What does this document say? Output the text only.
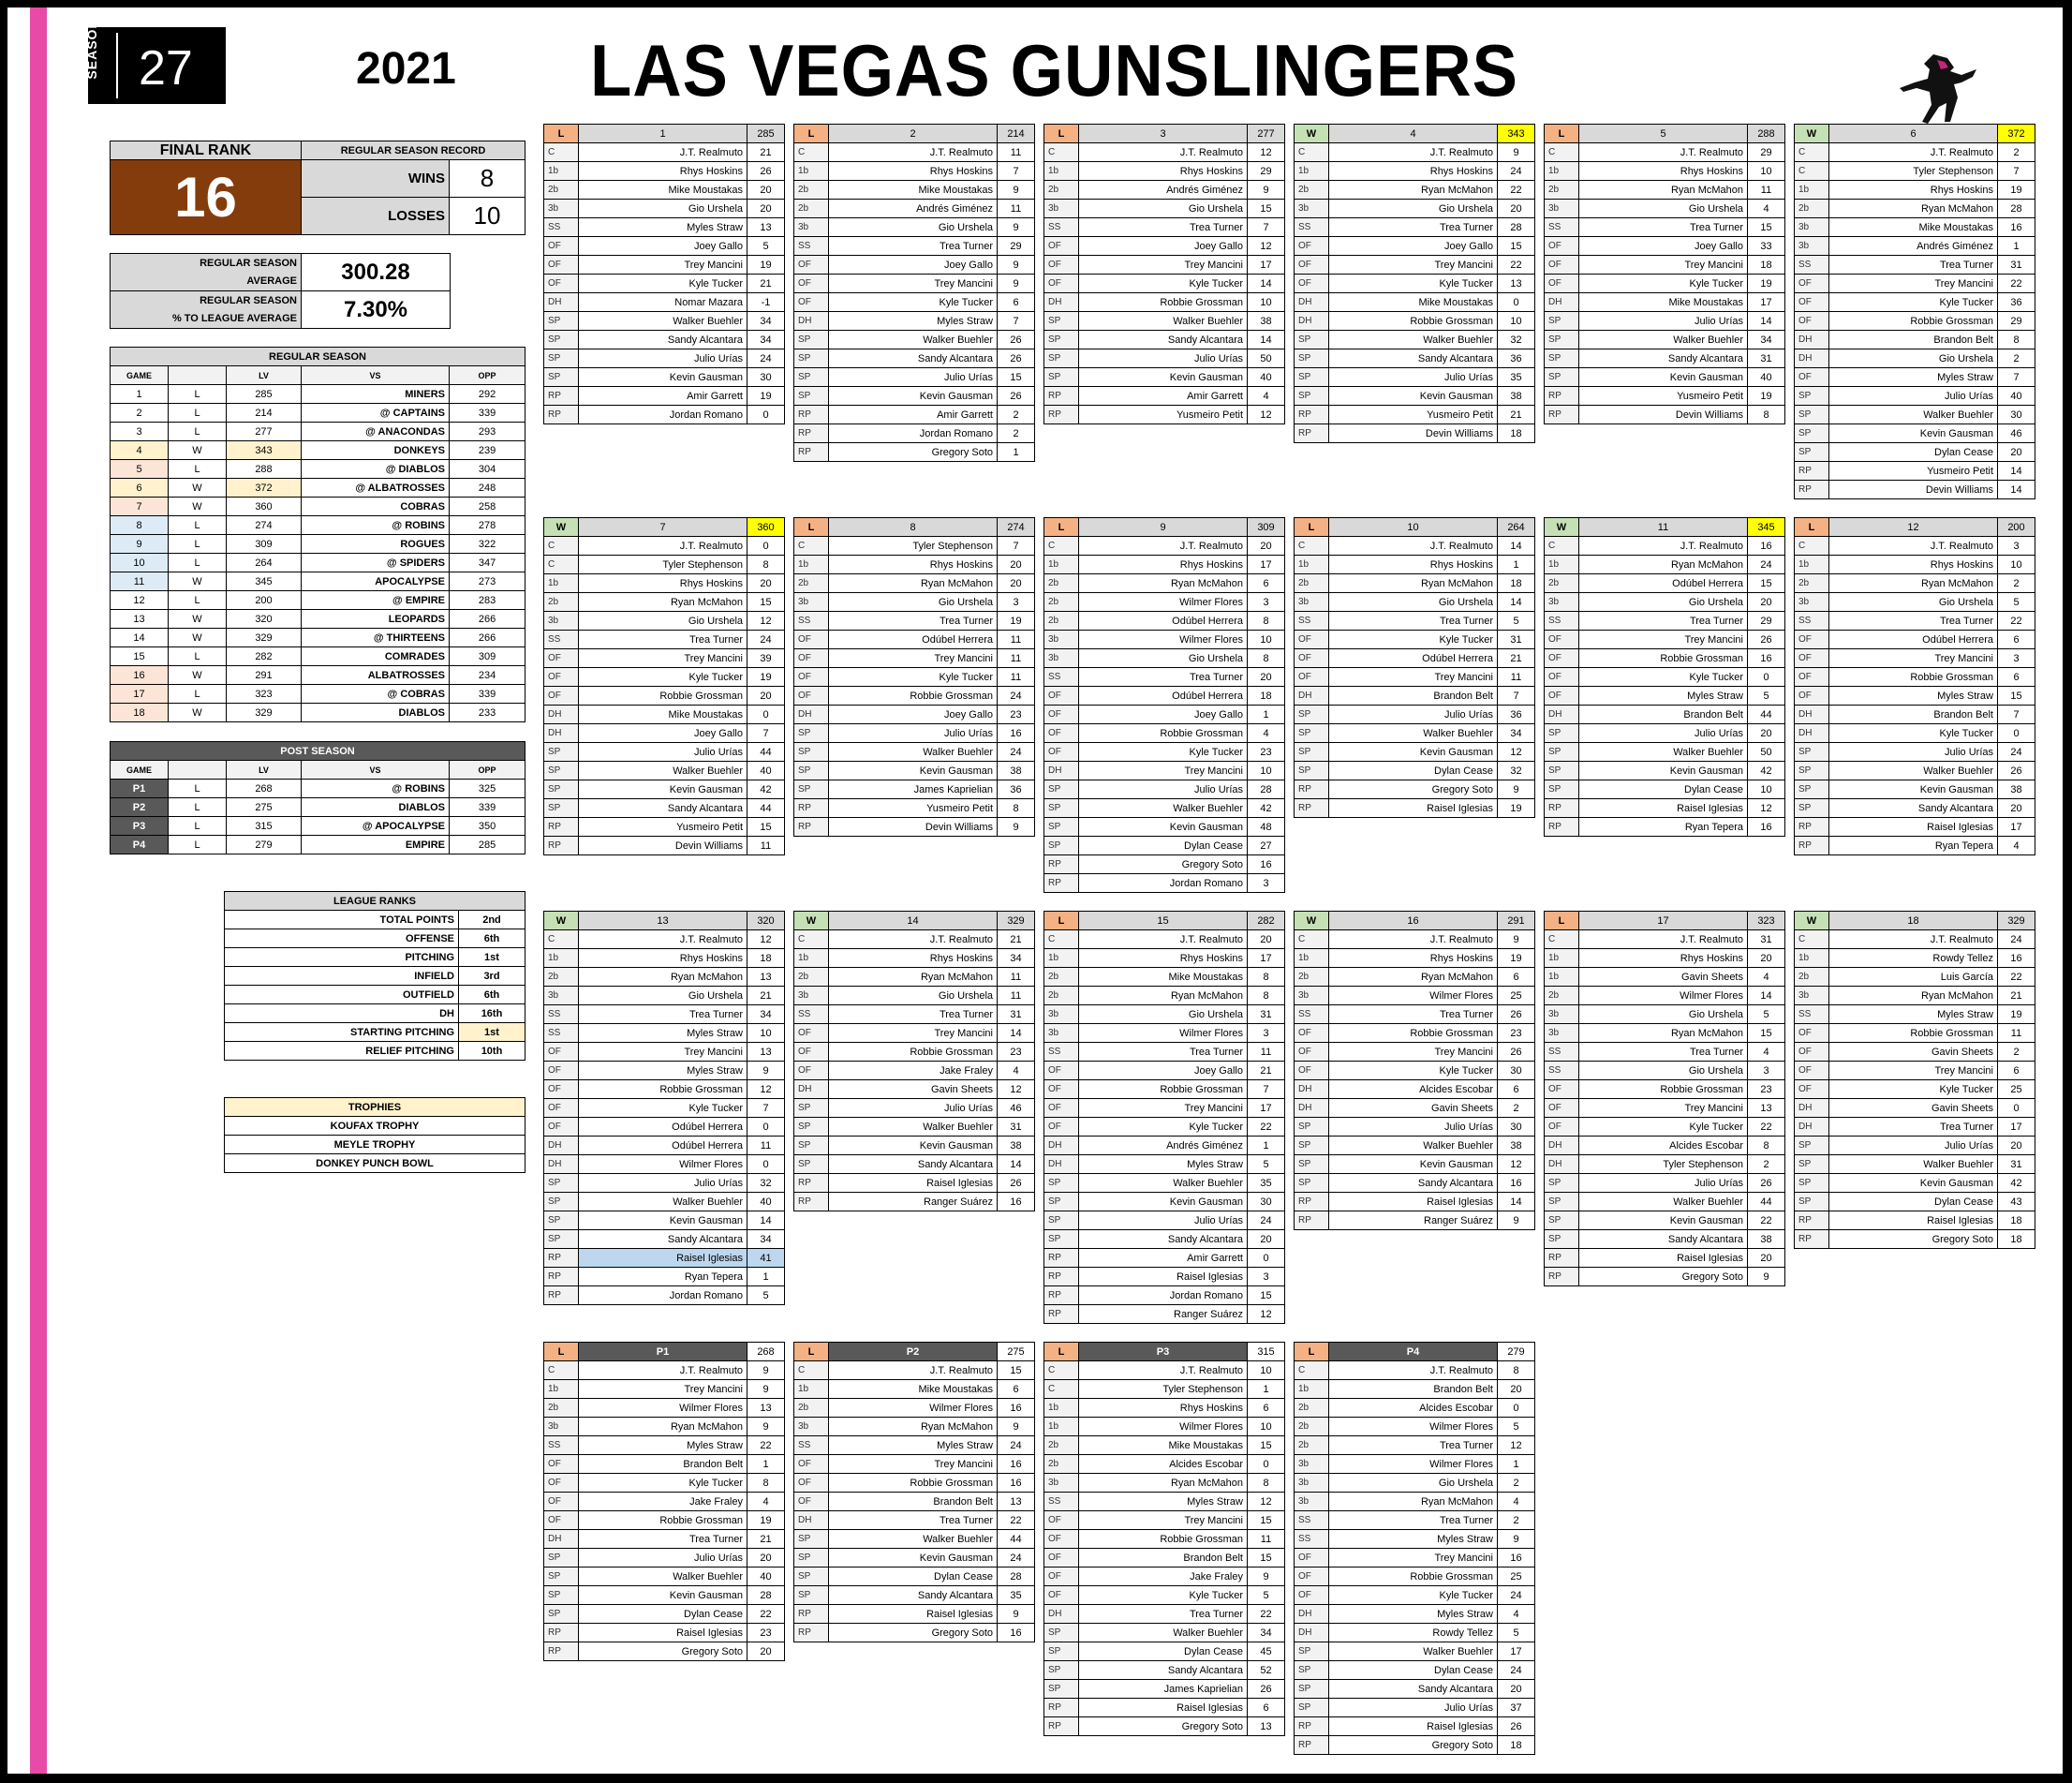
SEASON 27	2021 LAS VEGAS GUNSLINGERS
FINAL RANK	REGULAR SEASON RECORD	
16	WINS	8
	LOSSES	10
REGULAR SEASON
AVERAGE	300.28
REGULAR SEASON
% TO LEAGUE AVERAGE	7.30%
REGULAR SEASON				
GAME		LV	VS	OPP
1	L	285	MINERS	292
2	L	214	@ CAPTAINS	339
3	L	277	@ ANACONDAS	293
4	W	343	DONKEYS	239
5	L	288	@ DIABLOS	304
6	W	372	@ ALBATROSSES	248
7	W	360	COBRAS	258
8	L	274	@ ROBINS	278
9	L	309	ROGUES	322
10	L	264	@ SPIDERS	347
11	W	345	APOCALYPSE	273
12	L	200	@ EMPIRE	283
13	W	320	LEOPARDS	266
14	W	329	@ THIRTEENS	266
15	L	282	COMRADES	309
16	W	291	ALBATROSSES	234
17	L	323	@ COBRAS	339
18	W	329	DIABLOS	233
POST SEASON				
GAME		LV	VS	OPP
P1	L	268	@ ROBINS	325
P2	L	275	DIABLOS	339
P3	L	315	@ APOCALYPSE	350
P4	L	279	EMPIRE	285
LEAGUE RANKS	
TOTAL POINTS	2nd
OFFENSE	6th
PITCHING	1st
INFIELD	3rd
OUTFIELD	6th
DH	16th
STARTING PITCHING	1st
RELIEF PITCHING	10th
TROPHIES
KOUFAX TROPHY
MEYLE TROPHY
DONKEY PUNCH BOWL
L	1	285
C	J.T. Realmuto	21
1b	Rhys Hoskins	26
2b	Mike Moustakas	20
3b	Gio Urshela	20
SS	Myles Straw	13
OF	Joey Gallo	5
OF	Trey Mancini	19
OF	Kyle Tucker	21
DH	Nomar Mazara	-1
SP	Walker Buehler	34
SP	Sandy Alcantara	34
SP	Julio Urías	24
SP	Kevin Gausman	30
RP	Amir Garrett	19
RP	Jordan Romano	0
L	2	214
C	J.T. Realmuto	11
1b	Rhys Hoskins	7
2b	Mike Moustakas	9
2b	Andrés Giménez	11
3b	Gio Urshela	9
SS	Trea Turner	29
OF	Joey Gallo	9
OF	Trey Mancini	9
OF	Kyle Tucker	6
DH	Myles Straw	7
SP	Walker Buehler	26
SP	Sandy Alcantara	26
SP	Julio Urías	15
SP	Kevin Gausman	26
RP	Amir Garrett	2
RP	Jordan Romano	2
RP	Gregory Soto	1
L	3	277
C	J.T. Realmuto	12
1b	Rhys Hoskins	29
2b	Andrés Giménez	9
3b	Gio Urshela	15
SS	Trea Turner	7
OF	Joey Gallo	12
OF	Trey Mancini	17
OF	Kyle Tucker	14
DH	Robbie Grossman	10
SP	Walker Buehler	38
SP	Sandy Alcantara	14
SP	Julio Urías	50
SP	Kevin Gausman	40
RP	Amir Garrett	4
RP	Yusmeiro Petit	12
W	4	343
C	J.T. Realmuto	9
1b	Rhys Hoskins	24
2b	Ryan McMahon	22
3b	Gio Urshela	20
SS	Trea Turner	28
OF	Joey Gallo	15
OF	Trey Mancini	22
OF	Kyle Tucker	13
DH	Mike Moustakas	0
DH	Robbie Grossman	10
SP	Walker Buehler	32
SP	Sandy Alcantara	36
SP	Julio Urías	35
SP	Kevin Gausman	38
RP	Yusmeiro Petit	21
RP	Devin Williams	18
L	5	288
C	J.T. Realmuto	29
1b	Rhys Hoskins	10
2b	Ryan McMahon	11
3b	Gio Urshela	4
SS	Trea Turner	15
OF	Joey Gallo	33
OF	Trey Mancini	18
OF	Kyle Tucker	19
DH	Mike Moustakas	17
SP	Julio Urías	14
SP	Walker Buehler	34
SP	Sandy Alcantara	31
SP	Kevin Gausman	40
RP	Yusmeiro Petit	19
RP	Devin Williams	8
W	6	372
C	J.T. Realmuto	2
C	Tyler Stephenson	7
1b	Rhys Hoskins	19
2b	Ryan McMahon	28
3b	Mike Moustakas	16
3b	Andrés Giménez	1
SS	Trea Turner	31
OF	Trey Mancini	22
OF	Kyle Tucker	36
OF	Robbie Grossman	29
DH	Brandon Belt	8
DH	Gio Urshela	2
OF	Myles Straw	7
SP	Julio Urías	40
SP	Walker Buehler	30
SP	Kevin Gausman	46
SP	Dylan Cease	20
RP	Yusmeiro Petit	14
RP	Devin Williams	14
W	7	360
C	J.T. Realmuto	0
C	Tyler Stephenson	8
1b	Rhys Hoskins	20
2b	Ryan McMahon	15
3b	Gio Urshela	12
SS	Trea Turner	24
OF	Trey Mancini	39
OF	Kyle Tucker	19
OF	Robbie Grossman	20
DH	Mike Moustakas	0
DH	Joey Gallo	7
SP	Julio Urías	44
SP	Walker Buehler	40
SP	Kevin Gausman	42
SP	Sandy Alcantara	44
RP	Yusmeiro Petit	15
RP	Devin Williams	11
L	8	274
C	Tyler Stephenson	7
1b	Rhys Hoskins	20
2b	Ryan McMahon	20
3b	Gio Urshela	3
SS	Trea Turner	19
OF	Odúbel Herrera	11
OF	Trey Mancini	11
OF	Kyle Tucker	11
OF	Robbie Grossman	24
DH	Joey Gallo	23
SP	Julio Urías	16
SP	Walker Buehler	24
SP	Kevin Gausman	38
SP	James Kaprielian	36
RP	Yusmeiro Petit	8
RP	Devin Williams	9
L	9	309
C	J.T. Realmuto	20
1b	Rhys Hoskins	17
2b	Ryan McMahon	6
2b	Wilmer Flores	3
2b	Odúbel Herrera	8
3b	Wilmer Flores	10
3b	Gio Urshela	8
SS	Trea Turner	20
OF	Odúbel Herrera	18
OF	Joey Gallo	1
OF	Robbie Grossman	4
OF	Kyle Tucker	23
DH	Trey Mancini	10
SP	Julio Urías	28
SP	Walker Buehler	42
SP	Kevin Gausman	48
SP	Dylan Cease	27
RP	Gregory Soto	16
RP	Jordan Romano	3
L	10	264
C	J.T. Realmuto	14
1b	Rhys Hoskins	1
2b	Ryan McMahon	18
3b	Gio Urshela	14
SS	Trea Turner	5
OF	Kyle Tucker	31
OF	Odúbel Herrera	21
OF	Trey Mancini	11
DH	Brandon Belt	7
SP	Julio Urías	36
SP	Walker Buehler	34
SP	Kevin Gausman	12
SP	Dylan Cease	32
RP	Gregory Soto	9
RP	Raisel Iglesias	19
W	11	345
C	J.T. Realmuto	16
1b	Ryan McMahon	24
2b	Odúbel Herrera	15
3b	Gio Urshela	20
SS	Trea Turner	29
OF	Trey Mancini	26
OF	Robbie Grossman	16
OF	Kyle Tucker	0
OF	Myles Straw	5
DH	Brandon Belt	44
SP	Julio Urías	20
SP	Walker Buehler	50
SP	Kevin Gausman	42
SP	Dylan Cease	10
RP	Raisel Iglesias	12
RP	Ryan Tepera	16
L	12	200
C	J.T. Realmuto	3
1b	Rhys Hoskins	10
2b	Ryan McMahon	2
3b	Gio Urshela	5
SS	Trea Turner	22
OF	Odúbel Herrera	6
OF	Trey Mancini	3
OF	Robbie Grossman	6
OF	Myles Straw	15
DH	Brandon Belt	7
DH	Kyle Tucker	0
SP	Julio Urías	24
SP	Walker Buehler	26
SP	Kevin Gausman	38
SP	Sandy Alcantara	20
RP	Raisel Iglesias	17
RP	Ryan Tepera	4
W	13	320
C	J.T. Realmuto	12
1b	Rhys Hoskins	18
2b	Ryan McMahon	13
3b	Gio Urshela	21
SS	Trea Turner	34
SS	Myles Straw	10
OF	Trey Mancini	13
OF	Myles Straw	9
OF	Robbie Grossman	12
OF	Kyle Tucker	7
OF	Odúbel Herrera	0
DH	Odúbel Herrera	11
DH	Wilmer Flores	0
SP	Julio Urías	32
SP	Walker Buehler	40
SP	Kevin Gausman	14
SP	Sandy Alcantara	34
RP	Raisel Iglesias	41
RP	Ryan Tepera	1
RP	Jordan Romano	5
W	14	329
C	J.T. Realmuto	21
1b	Rhys Hoskins	34
2b	Ryan McMahon	11
3b	Gio Urshela	11
SS	Trea Turner	31
OF	Trey Mancini	14
OF	Robbie Grossman	23
OF	Jake Fraley	4
DH	Gavin Sheets	12
SP	Julio Urías	46
SP	Walker Buehler	31
SP	Kevin Gausman	38
SP	Sandy Alcantara	14
RP	Raisel Iglesias	26
RP	Ranger Suárez	16
L	15	282
C	J.T. Realmuto	20
1b	Rhys Hoskins	17
2b	Mike Moustakas	8
2b	Ryan McMahon	8
3b	Gio Urshela	31
3b	Wilmer Flores	3
SS	Trea Turner	11
OF	Joey Gallo	21
OF	Robbie Grossman	7
OF	Trey Mancini	17
OF	Kyle Tucker	22
DH	Andrés Giménez	1
DH	Myles Straw	5
SP	Walker Buehler	35
SP	Kevin Gausman	30
SP	Julio Urías	24
SP	Sandy Alcantara	20
RP	Amir Garrett	0
RP	Raisel Iglesias	3
RP	Jordan Romano	15
RP	Ranger Suárez	12
W	16	291
C	J.T. Realmuto	9
1b	Rhys Hoskins	19
2b	Ryan McMahon	6
3b	Wilmer Flores	25
SS	Trea Turner	26
OF	Robbie Grossman	23
OF	Trey Mancini	26
OF	Kyle Tucker	30
DH	Alcides Escobar	6
DH	Gavin Sheets	2
SP	Julio Urías	30
SP	Walker Buehler	38
SP	Kevin Gausman	12
SP	Sandy Alcantara	16
RP	Raisel Iglesias	14
RP	Ranger Suárez	9
L	17	323
C	J.T. Realmuto	31
1b	Rhys Hoskins	20
1b	Gavin Sheets	4
2b	Wilmer Flores	14
3b	Gio Urshela	5
3b	Ryan McMahon	15
SS	Trea Turner	4
SS	Gio Urshela	3
OF	Robbie Grossman	23
OF	Trey Mancini	13
OF	Kyle Tucker	22
DH	Alcides Escobar	8
DH	Tyler Stephenson	2
SP	Julio Urías	26
SP	Walker Buehler	44
SP	Kevin Gausman	22
SP	Sandy Alcantara	38
RP	Raisel Iglesias	20
RP	Gregory Soto	9
W	18	329
C	J.T. Realmuto	24
1b	Rowdy Tellez	16
2b	Luis García	22
3b	Ryan McMahon	21
SS	Myles Straw	19
OF	Robbie Grossman	11
OF	Gavin Sheets	2
OF	Trey Mancini	6
OF	Kyle Tucker	25
DH	Gavin Sheets	0
DH	Trea Turner	17
SP	Julio Urías	20
SP	Walker Buehler	31
SP	Kevin Gausman	42
SP	Dylan Cease	43
RP	Raisel Iglesias	18
RP	Gregory Soto	18
L	P1	268
C	J.T. Realmuto	9
1b	Trey Mancini	9
2b	Wilmer Flores	13
3b	Ryan McMahon	9
SS	Myles Straw	22
OF	Brandon Belt	1
OF	Kyle Tucker	8
OF	Jake Fraley	4
OF	Robbie Grossman	19
DH	Trea Turner	21
SP	Julio Urías	20
SP	Walker Buehler	40
SP	Kevin Gausman	28
SP	Dylan Cease	22
RP	Raisel Iglesias	23
RP	Gregory Soto	20
L	P2	275
C	J.T. Realmuto	15
1b	Mike Moustakas	6
2b	Wilmer Flores	16
3b	Ryan McMahon	9
SS	Myles Straw	24
OF	Trey Mancini	16
OF	Robbie Grossman	16
OF	Brandon Belt	13
DH	Trea Turner	22
SP	Walker Buehler	44
SP	Kevin Gausman	24
SP	Dylan Cease	28
SP	Sandy Alcantara	35
RP	Raisel Iglesias	9
RP	Gregory Soto	16
L	P3	315
C	J.T. Realmuto	10
C	Tyler Stephenson	1
1b	Rhys Hoskins	6
1b	Wilmer Flores	10
2b	Mike Moustakas	15
2b	Alcides Escobar	0
3b	Ryan McMahon	8
SS	Myles Straw	12
OF	Trey Mancini	15
OF	Robbie Grossman	11
OF	Brandon Belt	15
OF	Jake Fraley	9
OF	Kyle Tucker	5
DH	Trea Turner	22
SP	Walker Buehler	34
SP	Dylan Cease	45
SP	Sandy Alcantara	52
SP	James Kaprielian	26
RP	Raisel Iglesias	6
RP	Gregory Soto	13
L	P4	279
C	J.T. Realmuto	8
1b	Brandon Belt	20
2b	Alcides Escobar	0
2b	Wilmer Flores	5
2b	Trea Turner	12
3b	Wilmer Flores	1
3b	Gio Urshela	2
3b	Ryan McMahon	4
SS	Trea Turner	2
SS	Myles Straw	9
OF	Trey Mancini	16
OF	Robbie Grossman	25
OF	Kyle Tucker	24
DH	Myles Straw	4
DH	Rowdy Tellez	5
SP	Walker Buehler	17
SP	Dylan Cease	24
SP	Sandy Alcantara	20
SP	Julio Urías	37
RP	Raisel Iglesias	26
RP	Gregory Soto	18
